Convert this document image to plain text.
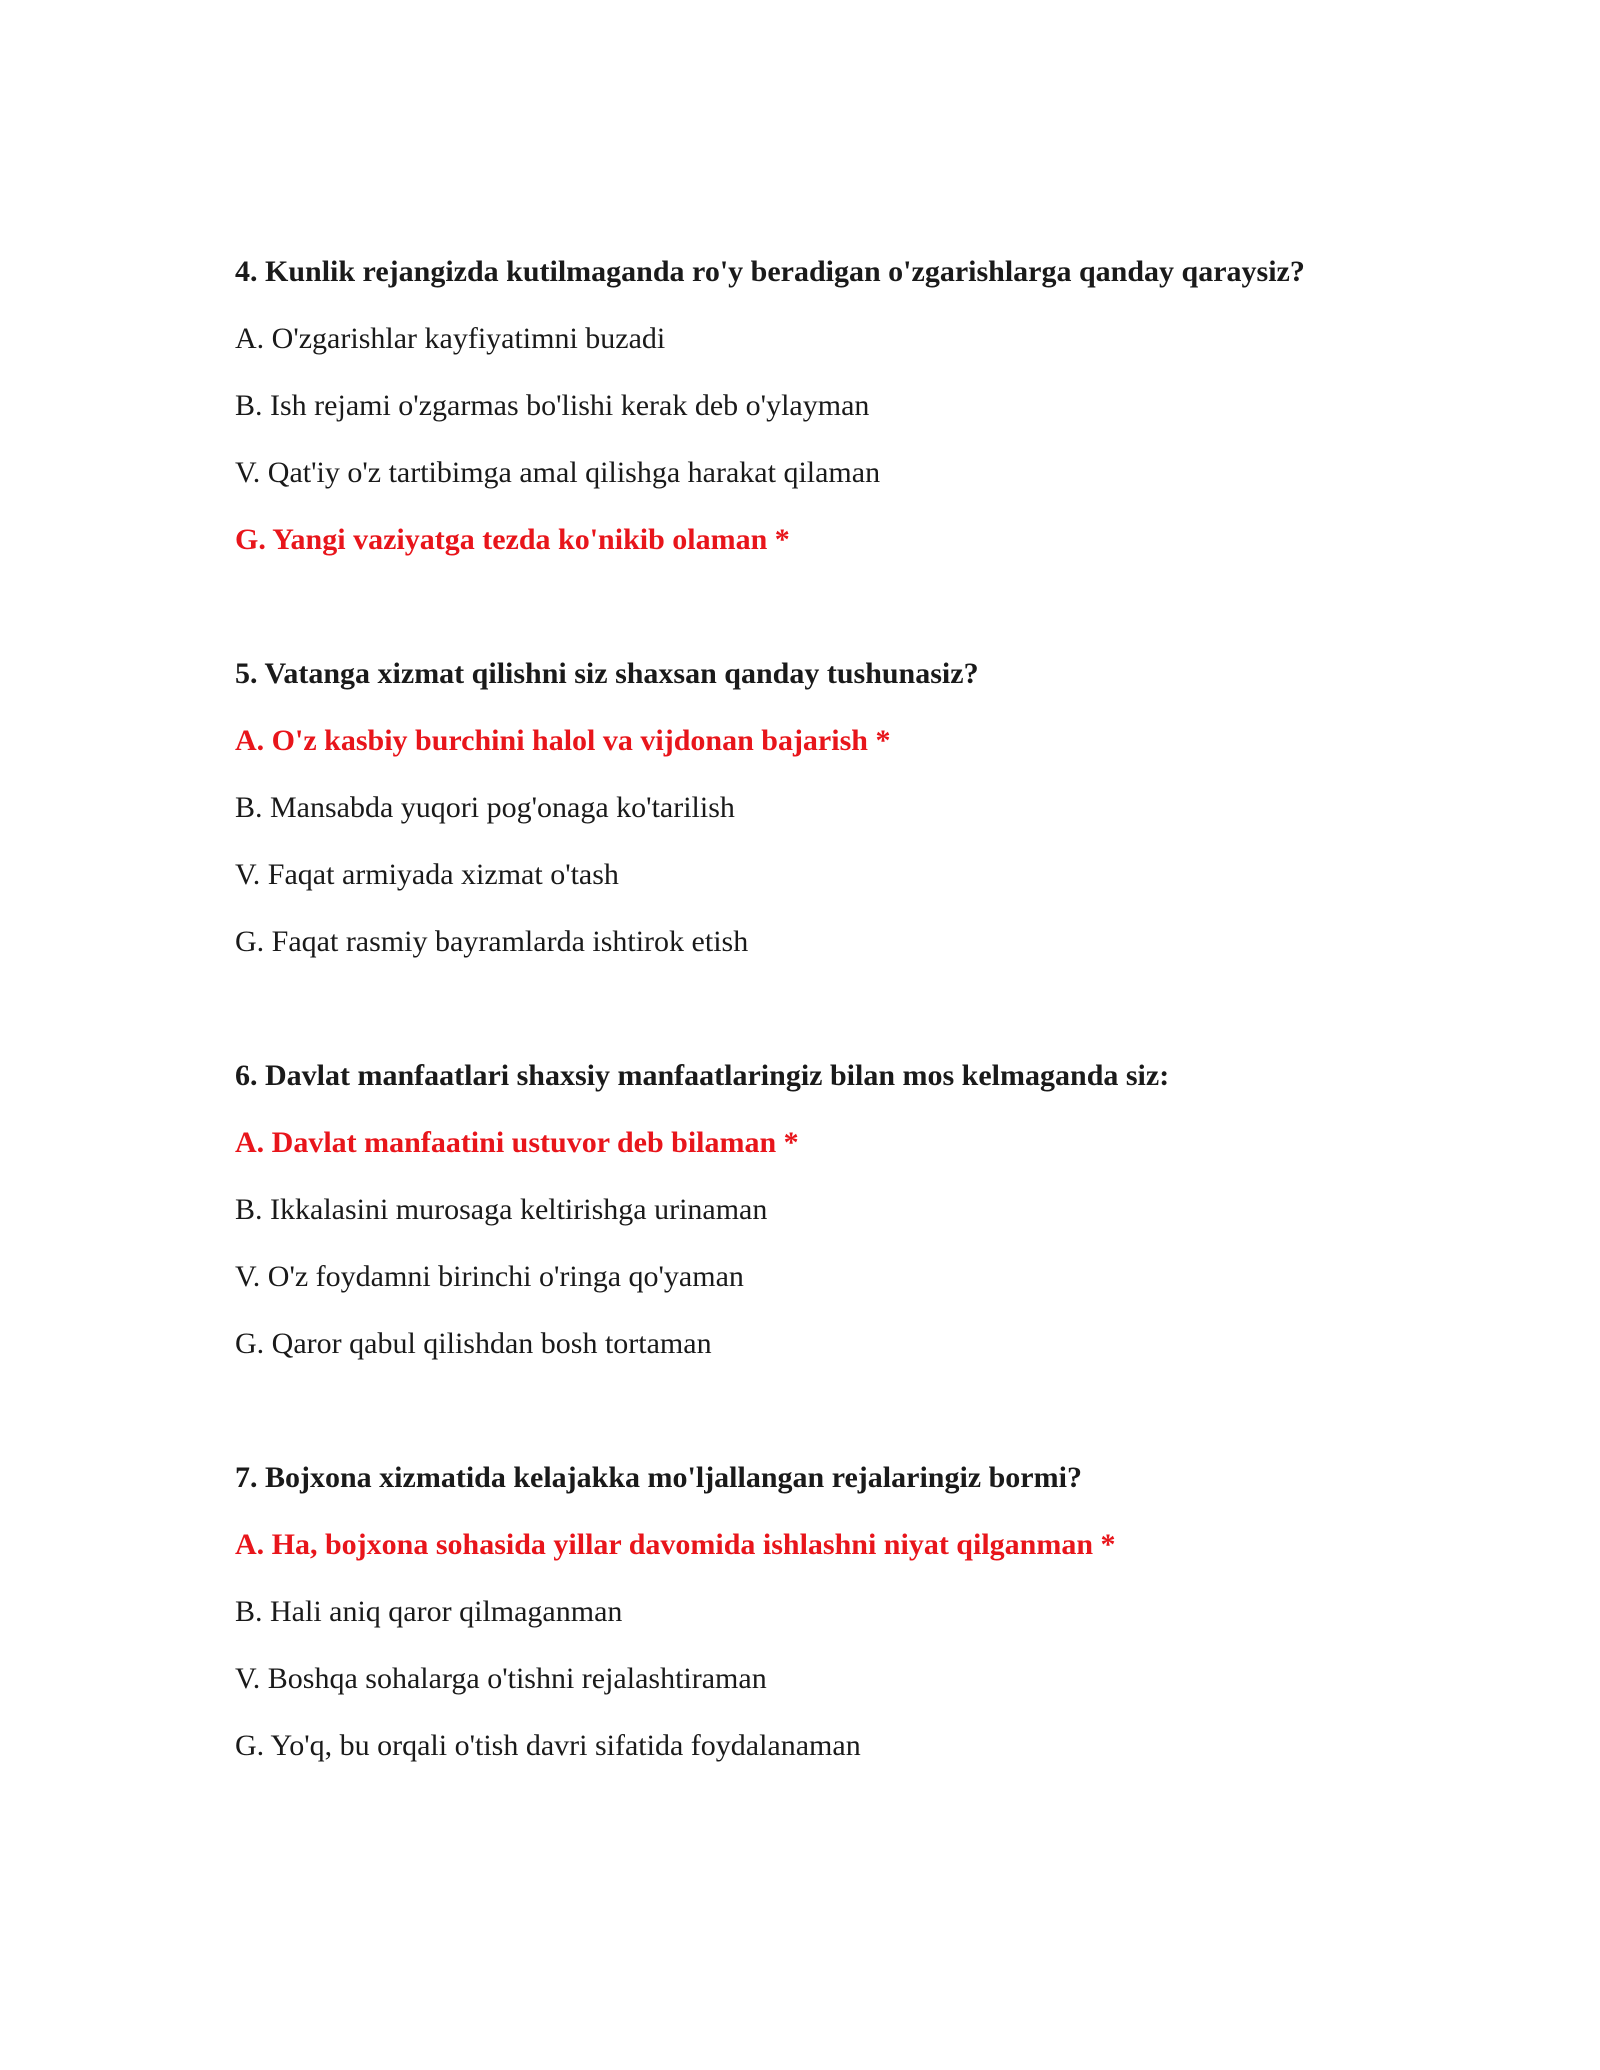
4. Kunlik rejangizda kutilmaganda ro'y beradigan o'zgarishlarga qanday qaraysiz?
A. O'zgarishlar kayfiyatimni buzadi
B. Ish rejami o'zgarmas bo'lishi kerak deb o'ylayman
V. Qat'iy o'z tartibimga amal qilishga harakat qilaman
G. Yangi vaziyatga tezda ko'nikib olaman *
5. Vatanga xizmat qilishni siz shaxsan qanday tushunasiz?
A. O'z kasbiy burchini halol va vijdonan bajarish *
B. Mansabda yuqori pog'onaga ko'tarilish
V. Faqat armiyada xizmat o'tash
G. Faqat rasmiy bayramlarda ishtirok etish
6. Davlat manfaatlari shaxsiy manfaatlaringiz bilan mos kelmaganda siz:
A. Davlat manfaatini ustuvor deb bilaman *
B. Ikkalasini murosaga keltirishga urinaman
V. O'z foydamni birinchi o'ringa qo'yaman
G. Qaror qabul qilishdan bosh tortaman
7. Bojxona xizmatida kelajakka mo'ljallangan rejalaringiz bormi?
A. Ha, bojxona sohasida yillar davomida ishlashni niyat qilganman *
B. Hali aniq qaror qilmaganman
V. Boshqa sohalarga o'tishni rejalashtiraman
G. Yo'q, bu orqali o'tish davri sifatida foydalanaman
